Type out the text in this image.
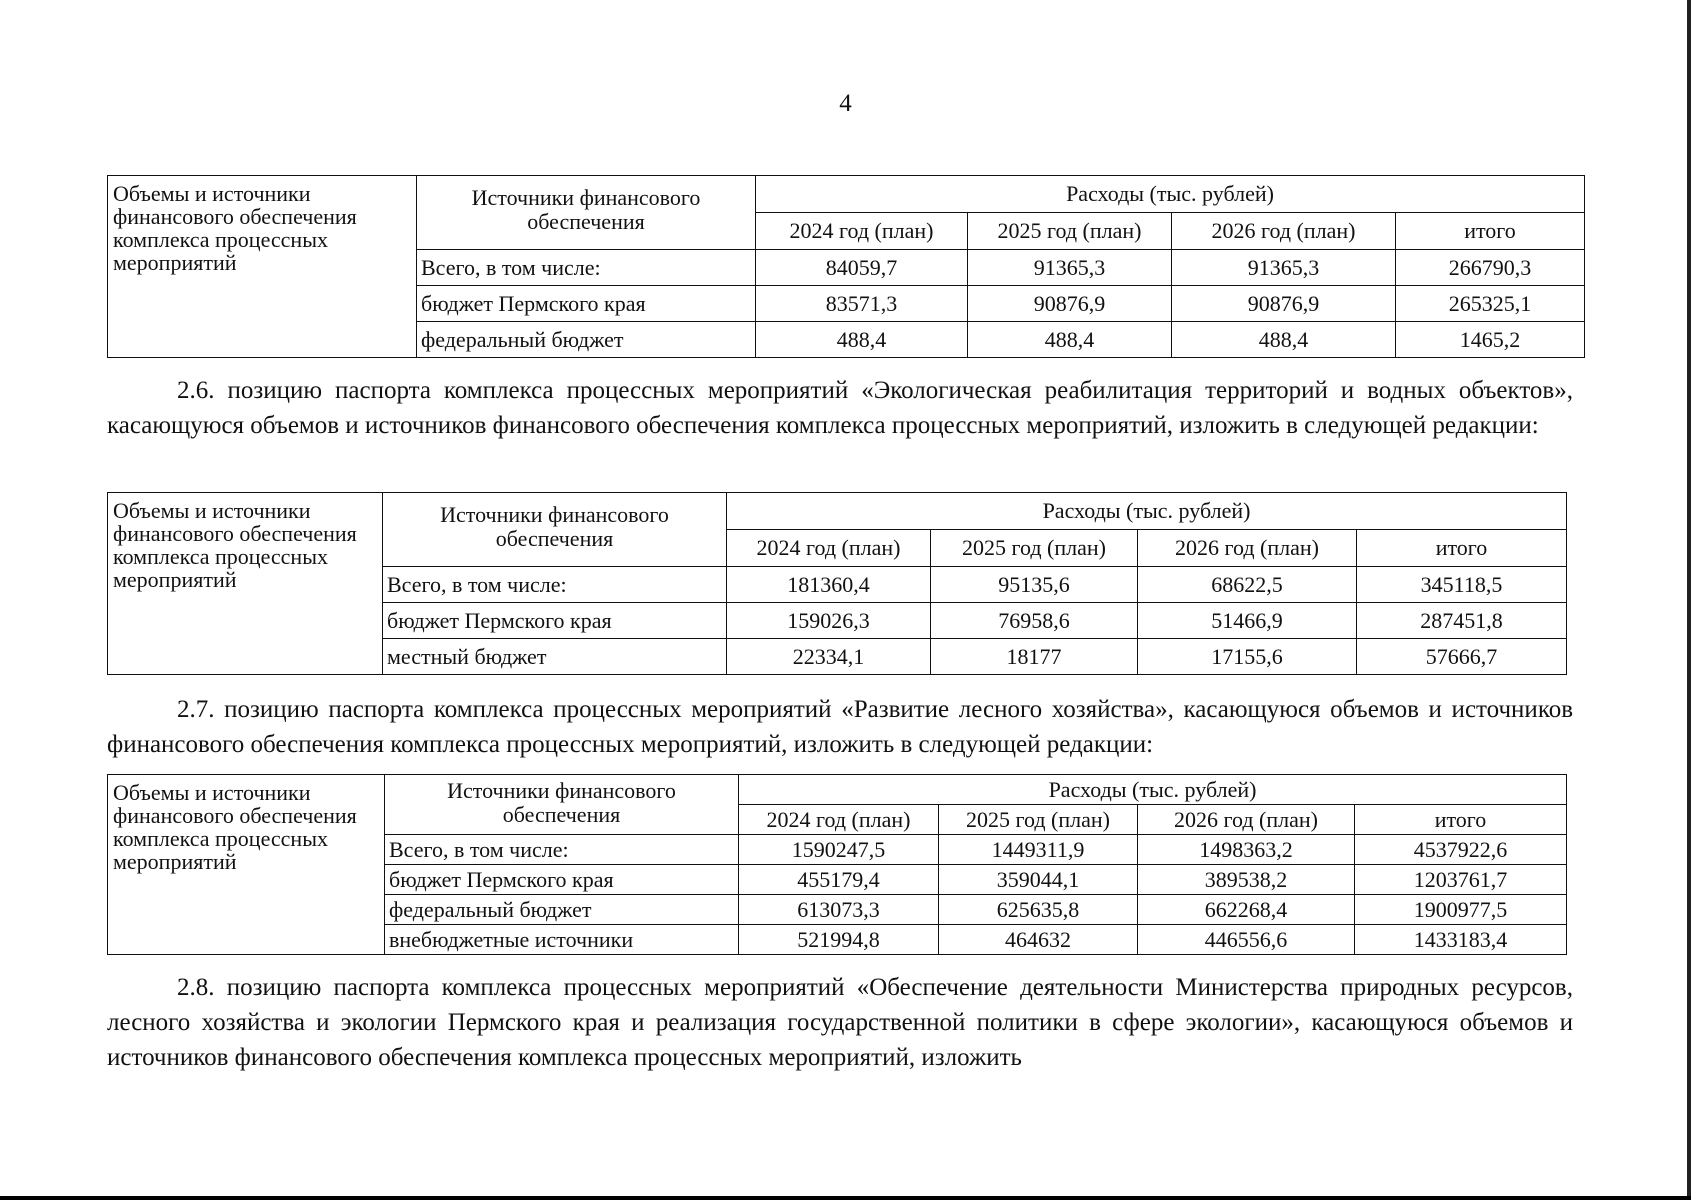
4
Объемы и источники финансового обеспечения комплекса процессных мероприятий	Источники финансового обеспечения	Расходы (тыс. рублей)			
		2024 год (план)	2025 год (план)	2026 год (план)	итого
	Всего, в том числе:	84059,7	91365,3	91365,3	266790,3
	бюджет Пермского края	83571,3	90876,9	90876,9	265325,1
	федеральный бюджет	488,4	488,4	488,4	1465,2

2.6. позицию паспорта комплекса процессных мероприятий «Экологическая реабилитация территорий и водных объектов», касающуюся объемов и источников финансового обеспечения комплекса процессных мероприятий, изложить в следующей редакции:

Объемы и источники финансового обеспечения комплекса процессных мероприятий	Источники финансового обеспечения	Расходы (тыс. рублей)			
		2024 год (план)	2025 год (план)	2026 год (план)	итого
	Всего, в том числе:	181360,4	95135,6	68622,5	345118,5
	бюджет Пермского края	159026,3	76958,6	51466,9	287451,8
	местный бюджет	22334,1	18177	17155,6	57666,7

2.7. позицию паспорта комплекса процессных мероприятий «Развитие лесного хозяйства», касающуюся объемов и источников финансового обеспечения комплекса процессных мероприятий, изложить в следующей редакции:

Объемы и источники финансового обеспечения комплекса процессных мероприятий	Источники финансового обеспечения	Расходы (тыс. рублей)			
		2024 год (план)	2025 год (план)	2026 год (план)	итого
	Всего, в том числе:	1590247,5	1449311,9	1498363,2	4537922,6
	бюджет Пермского края	455179,4	359044,1	389538,2	1203761,7
	федеральный бюджет	613073,3	625635,8	662268,4	1900977,5
	внебюджетные источники	521994,8	464632	446556,6	1433183,4

2.8. позицию паспорта комплекса процессных мероприятий «Обеспечение деятельности Министерства природных ресурсов, лесного хозяйства и экологии Пермского края и реализация государственной политики в сфере экологии», касающуюся объемов и источников финансового обеспечения комплекса процессных мероприятий, изложить
